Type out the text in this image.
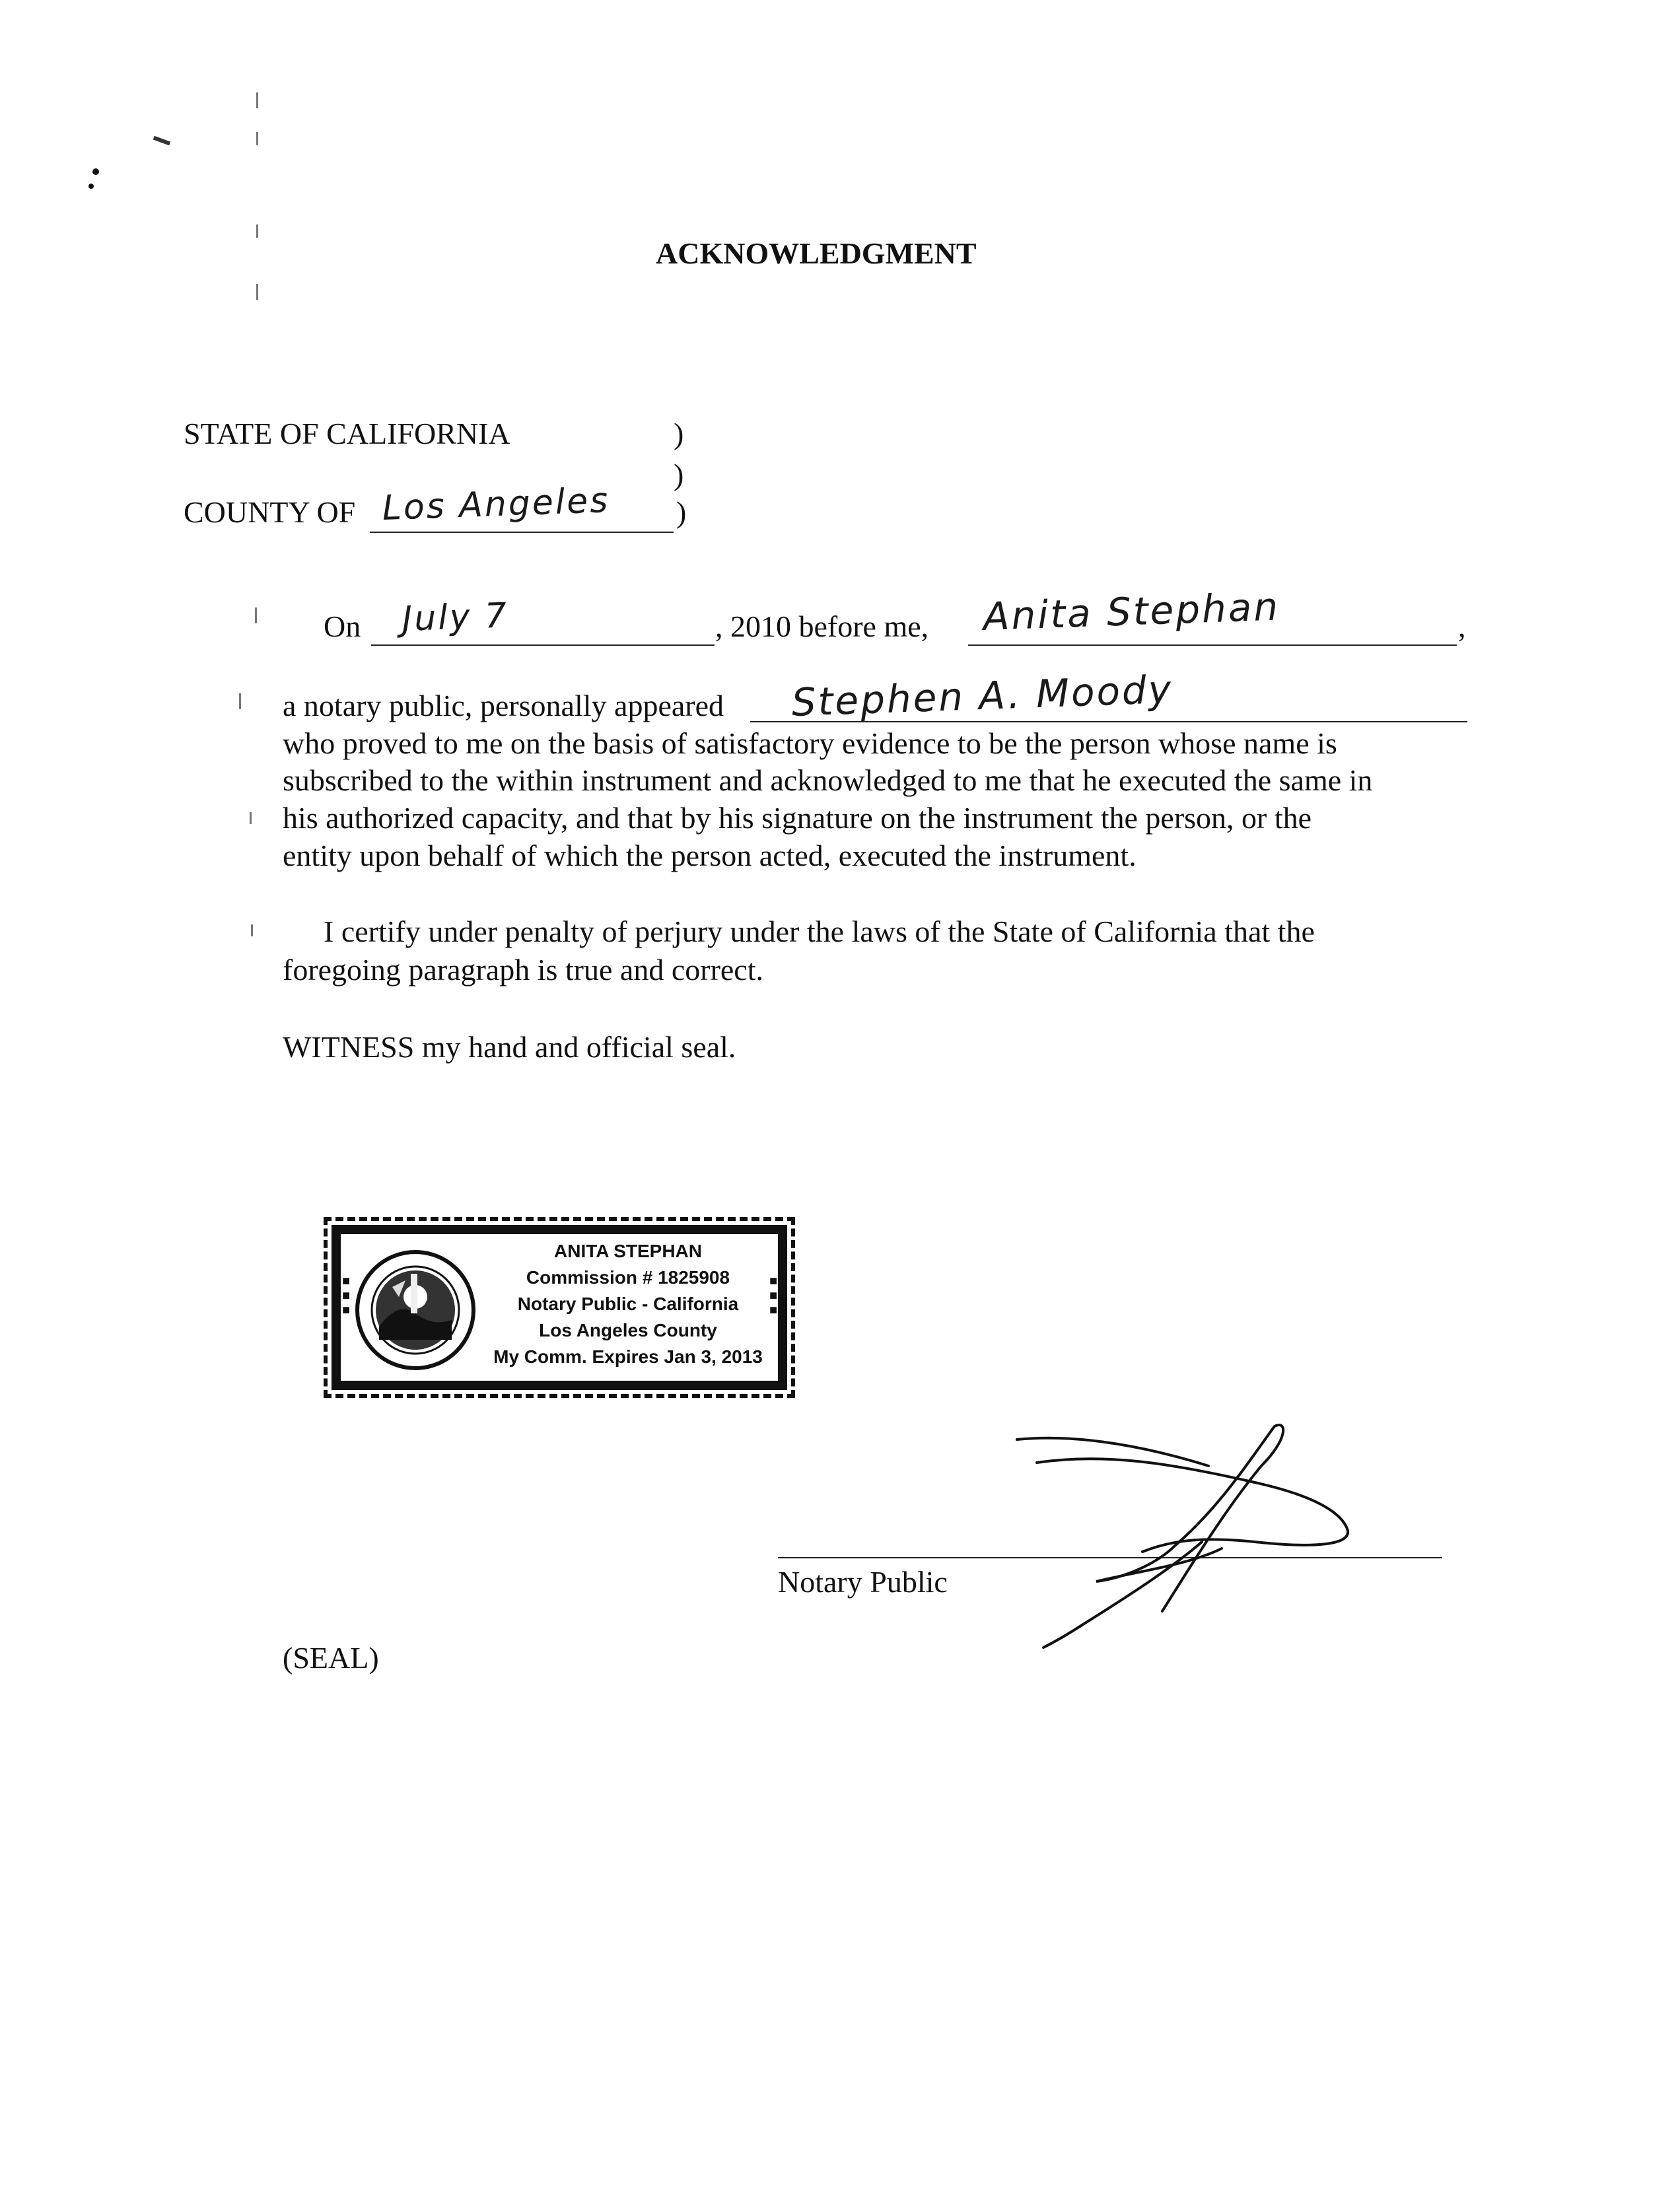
ACKNOWLEDGMENT
STATE OF CALIFORNIA	)
)
COUNTY OF Los Angeles )
On July 7	, 2010 before me, Anita Stephan	,
a notary public, personally appeared Stephen A. Moody
who proved to me on the basis of satisfactory evidence to be the person whose name is
subscribed to the within instrument and acknowledged to me that he executed the same in
his authorized capacity, and that by his signature on the instrument the person, or the
entity upon behalf of which the person acted, executed the instrument.
I certify under penalty of perjury under the laws of the State of California that the
foregoing paragraph is true and correct.
WITNESS my hand and official seal.
■■■	■■■
ANITA STEPHAN
Commission # 1825908
Notary Public - California
Los Angeles County
My Comm. Expires Jan 3, 2013
Notary Public
(SEAL)
